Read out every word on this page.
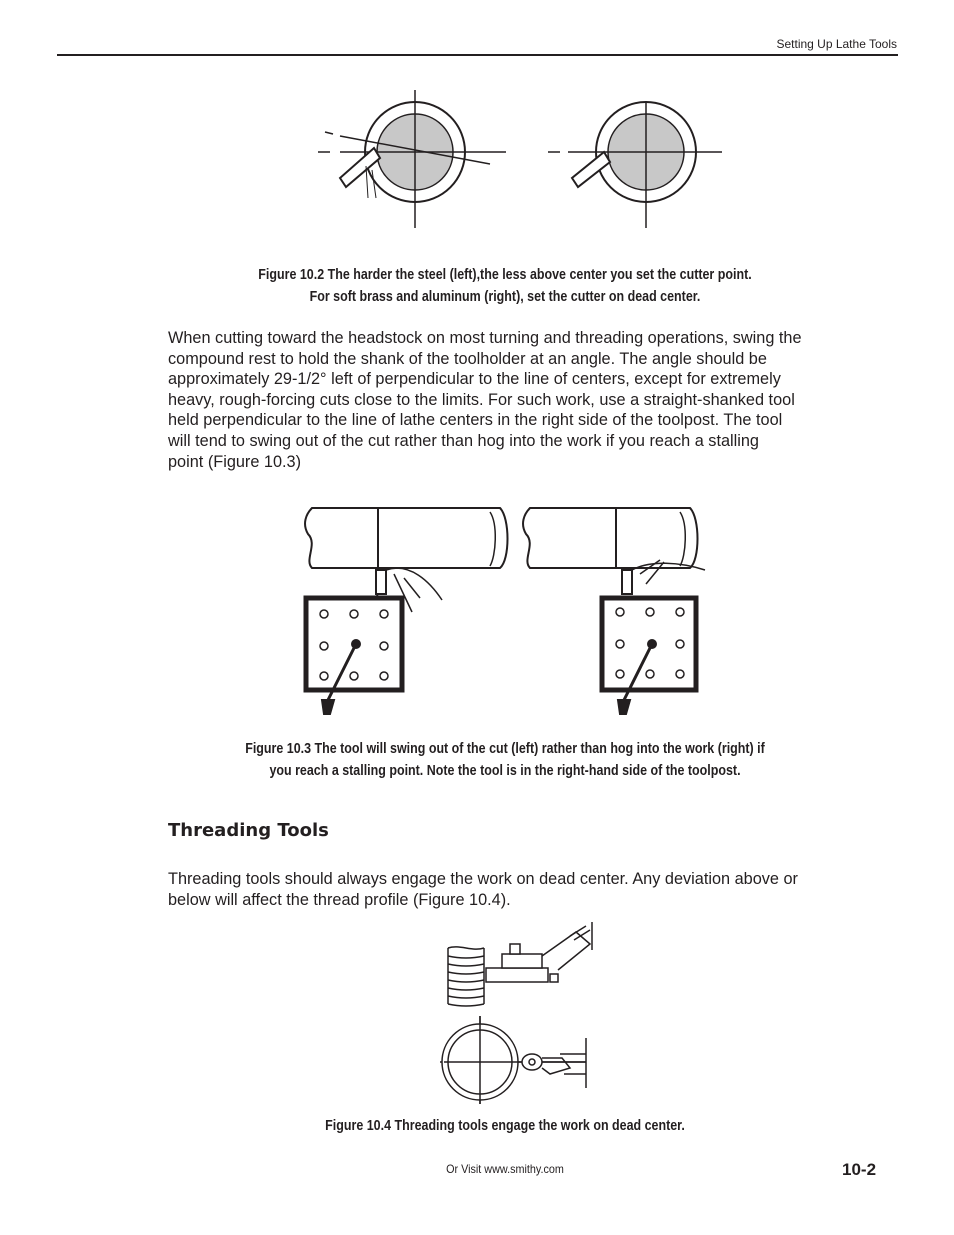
Setting Up Lathe Tools
Figure 10.2 The harder the steel (left),the less above center you set the cutter point.
For soft brass and aluminum (right), set the cutter on dead center.
When cutting toward the headstock on most turning and threading operations, swing the
compound rest to hold the shank of the toolholder at an angle. The angle should be
approximately 29-1/2° left of perpendicular to the line of centers, except for extremely
heavy, rough-forcing cuts close to the limits. For such work, use a straight-shanked tool
held perpendicular to the line of lathe centers in the right side of the toolpost. The tool
will tend to swing out of the cut rather than hog into the work if you reach a stalling
point (Figure 10.3)
Figure 10.3 The tool will swing out of the cut (left) rather than hog into the work (right) if
you reach a stalling point. Note the tool is in the right-hand side of the toolpost.
Threading Tools
Threading tools should always engage the work on dead center. Any deviation above or
below will affect the thread profile (Figure 10.4).
Figure 10.4 Threading tools engage the work on dead center.
Or Visit www.smithy.com	10-2
